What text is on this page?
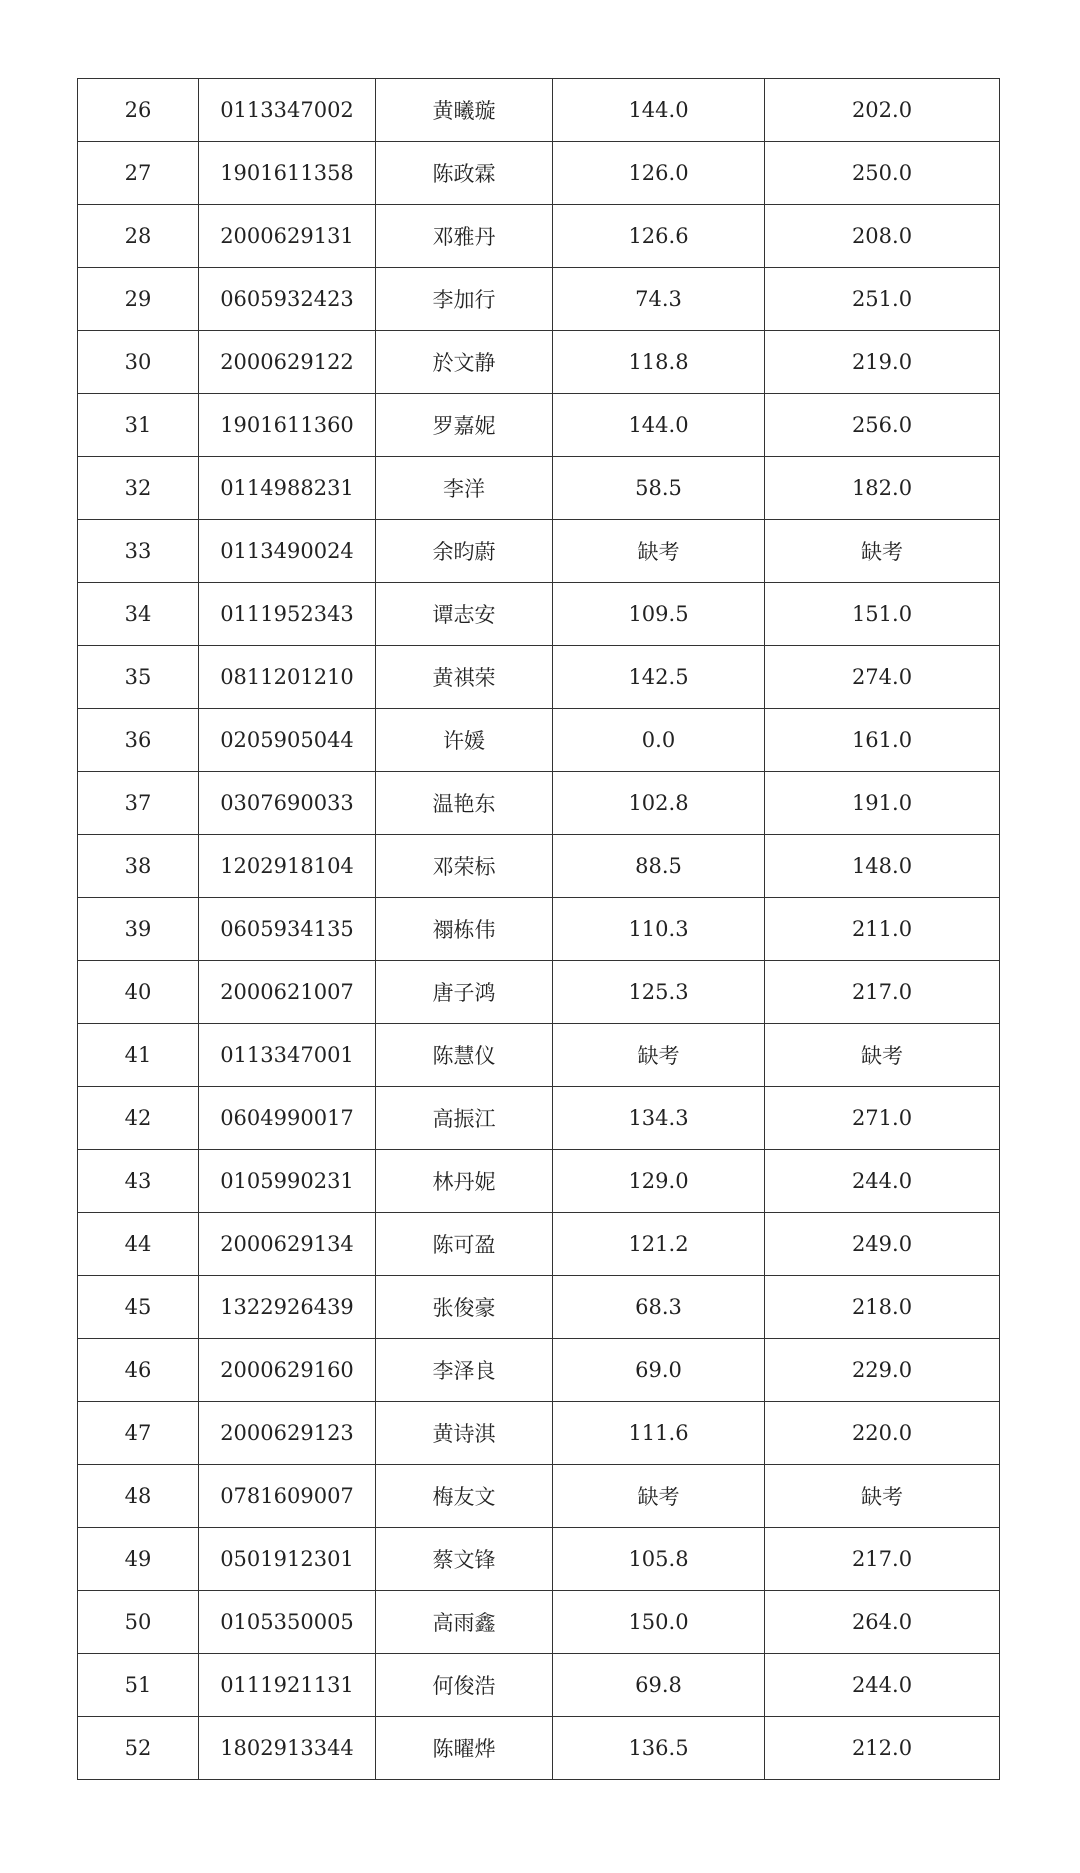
26	0113347002	黄曦璇	144.0	202.0
27	1901611358	陈政霖	126.0	250.0
28	2000629131	邓雅丹	126.6	208.0
29	0605932423	李加行	74.3	251.0
30	2000629122	於文静	118.8	219.0
31	1901611360	罗嘉妮	144.0	256.0
32	0114988231	李洋	58.5	182.0
33	0113490024	余昀蔚	缺考	缺考
34	0111952343	谭志安	109.5	151.0
35	0811201210	黄祺荣	142.5	274.0
36	0205905044	许媛	0.0	161.0
37	0307690033	温艳东	102.8	191.0
38	1202918104	邓荣标	88.5	148.0
39	0605934135	禤栋伟	110.3	211.0
40	2000621007	唐子鸿	125.3	217.0
41	0113347001	陈慧仪	缺考	缺考
42	0604990017	高振江	134.3	271.0
43	0105990231	林丹妮	129.0	244.0
44	2000629134	陈可盈	121.2	249.0
45	1322926439	张俊豪	68.3	218.0
46	2000629160	李泽良	69.0	229.0
47	2000629123	黄诗淇	111.6	220.0
48	0781609007	梅友文	缺考	缺考
49	0501912301	蔡文锋	105.8	217.0
50	0105350005	高雨鑫	150.0	264.0
51	0111921131	何俊浩	69.8	244.0
52	1802913344	陈曜烨	136.5	212.0
